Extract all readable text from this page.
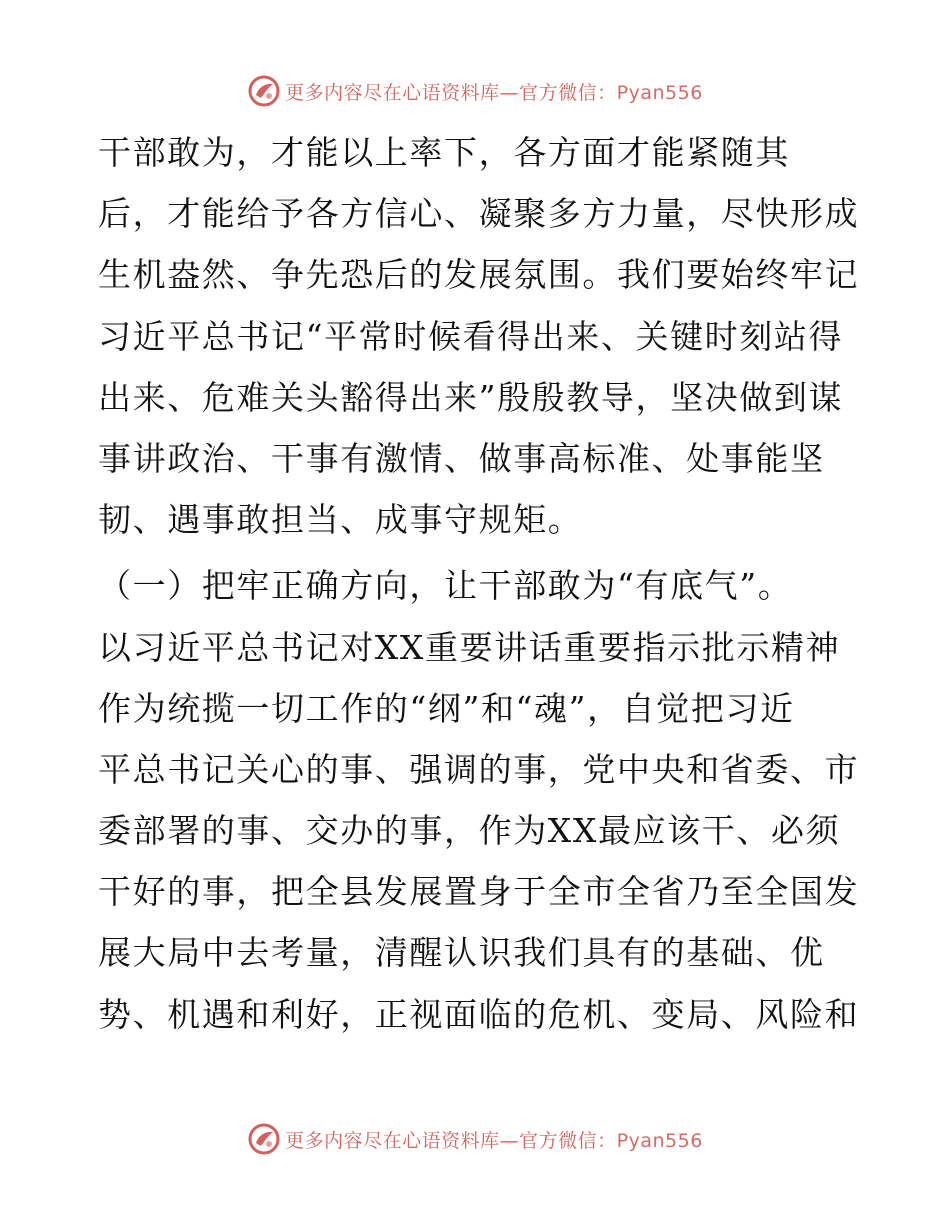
更多内容尽在心语资料库—官方微信：Pyan556
干部敢为，才能以上率下，各方面才能紧随其
后，才能给予各方信心、凝聚多方力量，尽快形成
生机盎然、争先恐后的发展氛围。我们要始终牢记
习近平总书记“平常时候看得出来、关键时刻站得
出来、危难关头豁得出来”殷殷教导，坚决做到谋
事讲政治、干事有激情、做事高标准、处事能坚
韧、遇事敢担当、成事守规矩。
（一）把牢正确方向，让干部敢为“有底气”。
以习近平总书记对XX重要讲话重要指示批示精神
作为统揽一切工作的“纲”和“魂”，自觉把习近
平总书记关心的事、强调的事，党中央和省委、市
委部署的事、交办的事，作为XX最应该干、必须
干好的事，把全县发展置身于全市全省乃至全国发
展大局中去考量，清醒认识我们具有的基础、优
势、机遇和利好，正视面临的危机、变局、风险和
更多内容尽在心语资料库—官方微信：Pyan556
